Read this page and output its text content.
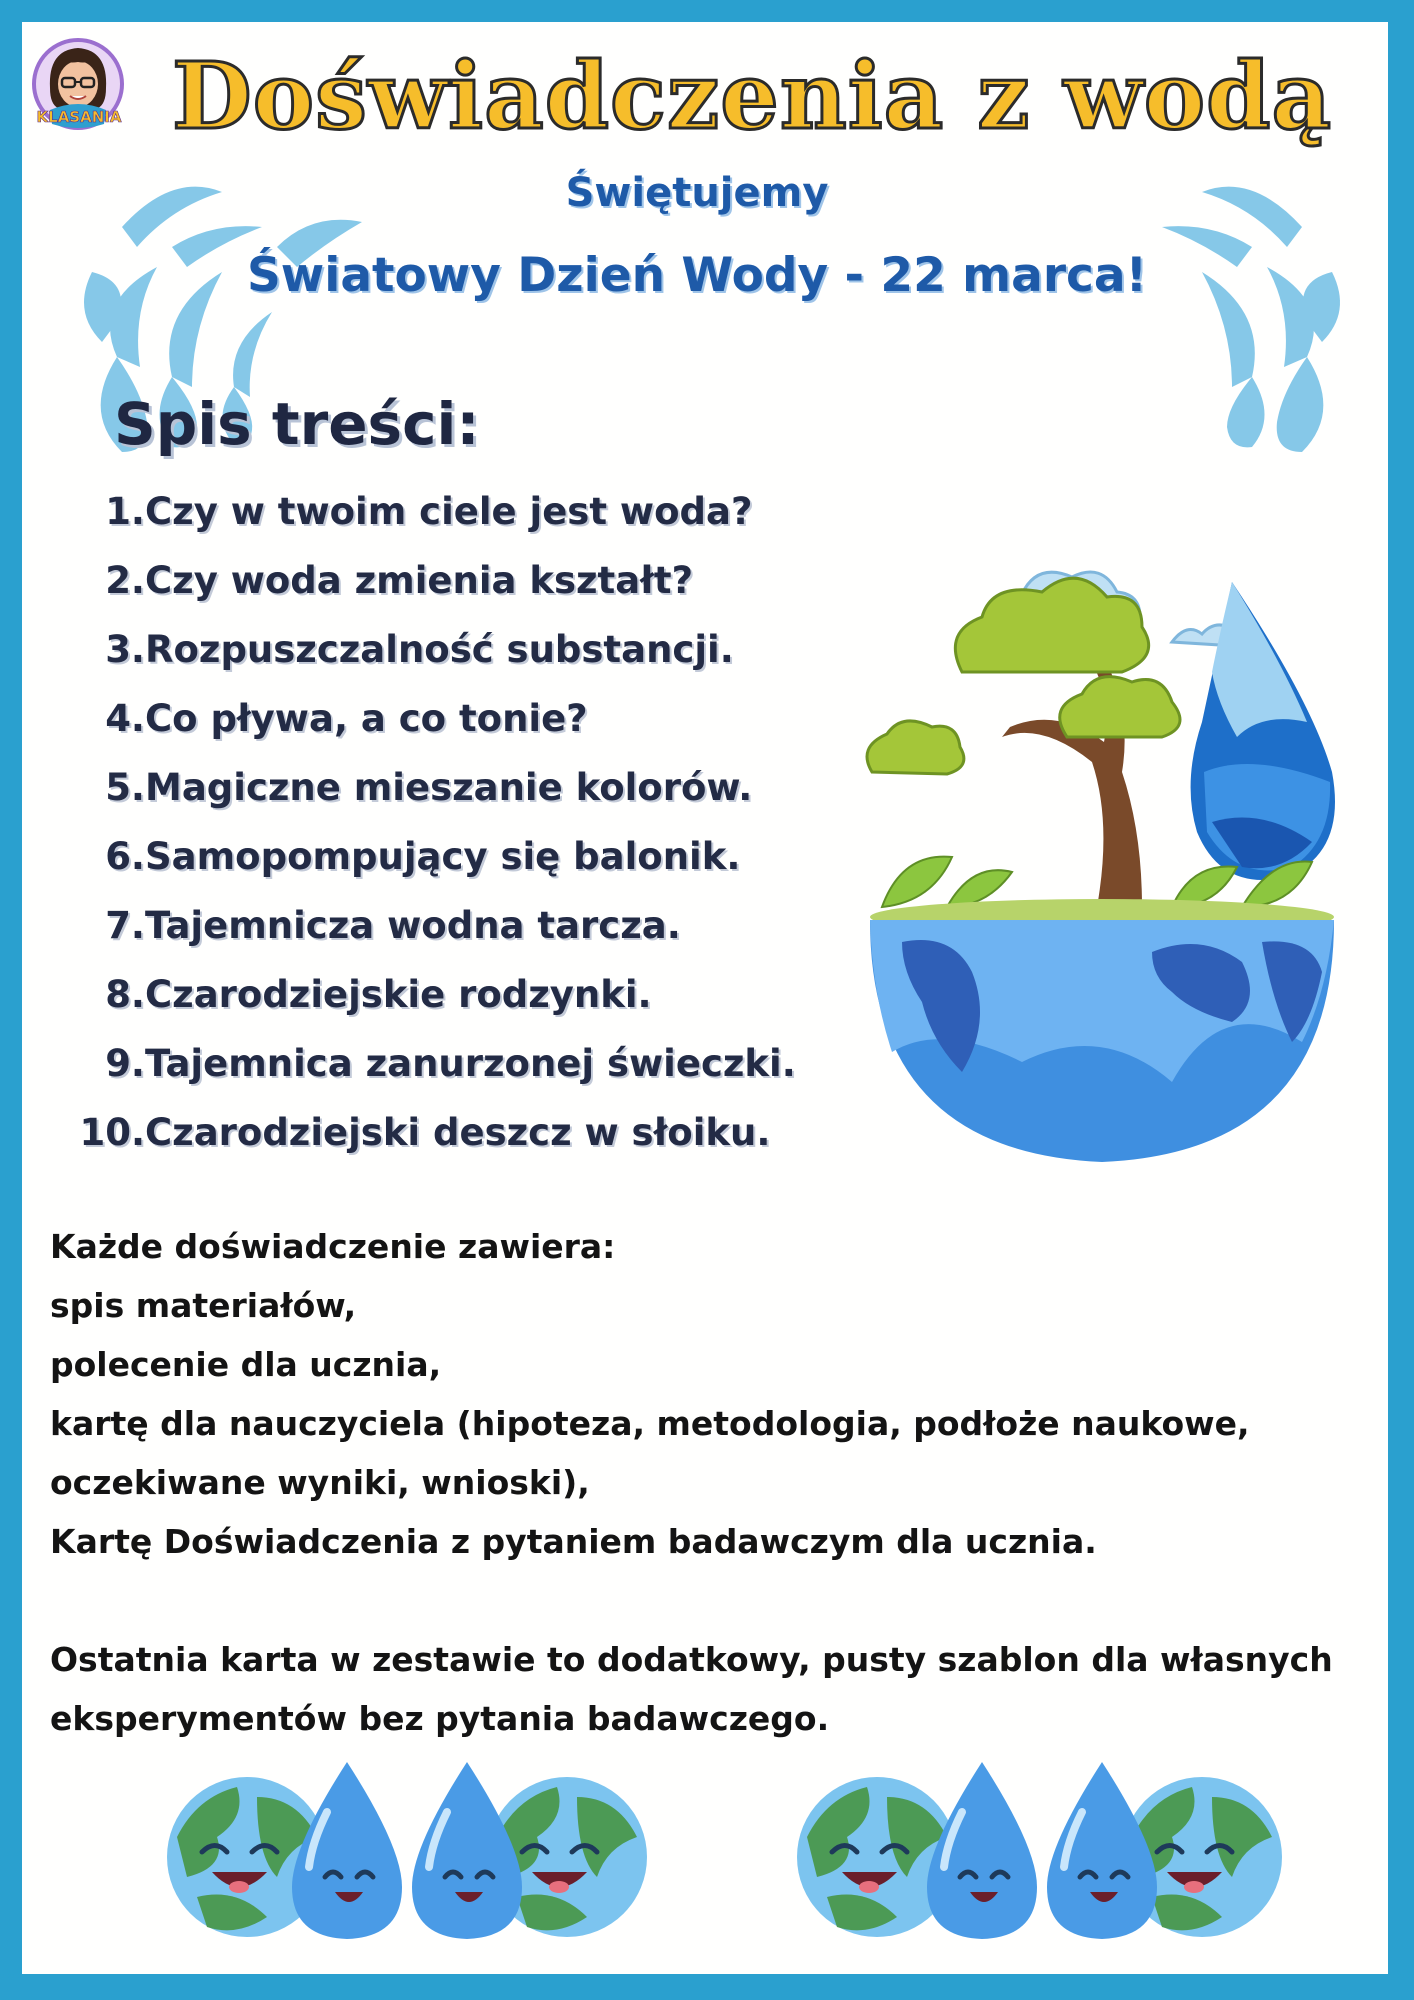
KLASANIA Doświadczenia z wodą
Świętujemy
Światowy Dzień Wody - 22 marca!
Spis treści:
1.Czy w twoim ciele jest woda?
2.Czy woda zmienia kształt?
3.Rozpuszczalność substancji.
4.Co pływa, a co tonie?
5.Magiczne mieszanie kolorów.
6.Samopompujący się balonik.
7.Tajemnicza wodna tarcza.
8.Czarodziejskie rodzynki.
9.Tajemnica zanurzonej świeczki.
10.Czarodziejski deszcz w słoiku.

Każde doświadczenie zawiera:

spis materiałów,

polecenie dla ucznia,

kartę dla nauczyciela (hipoteza, metodologia, podłoże naukowe,

oczekiwane wyniki, wnioski),

Kartę Doświadczenia z pytaniem badawczym dla ucznia.

Ostatnia karta w zestawie to dodatkowy, pusty szablon dla własnych

eksperymentów bez pytania badawczego.
